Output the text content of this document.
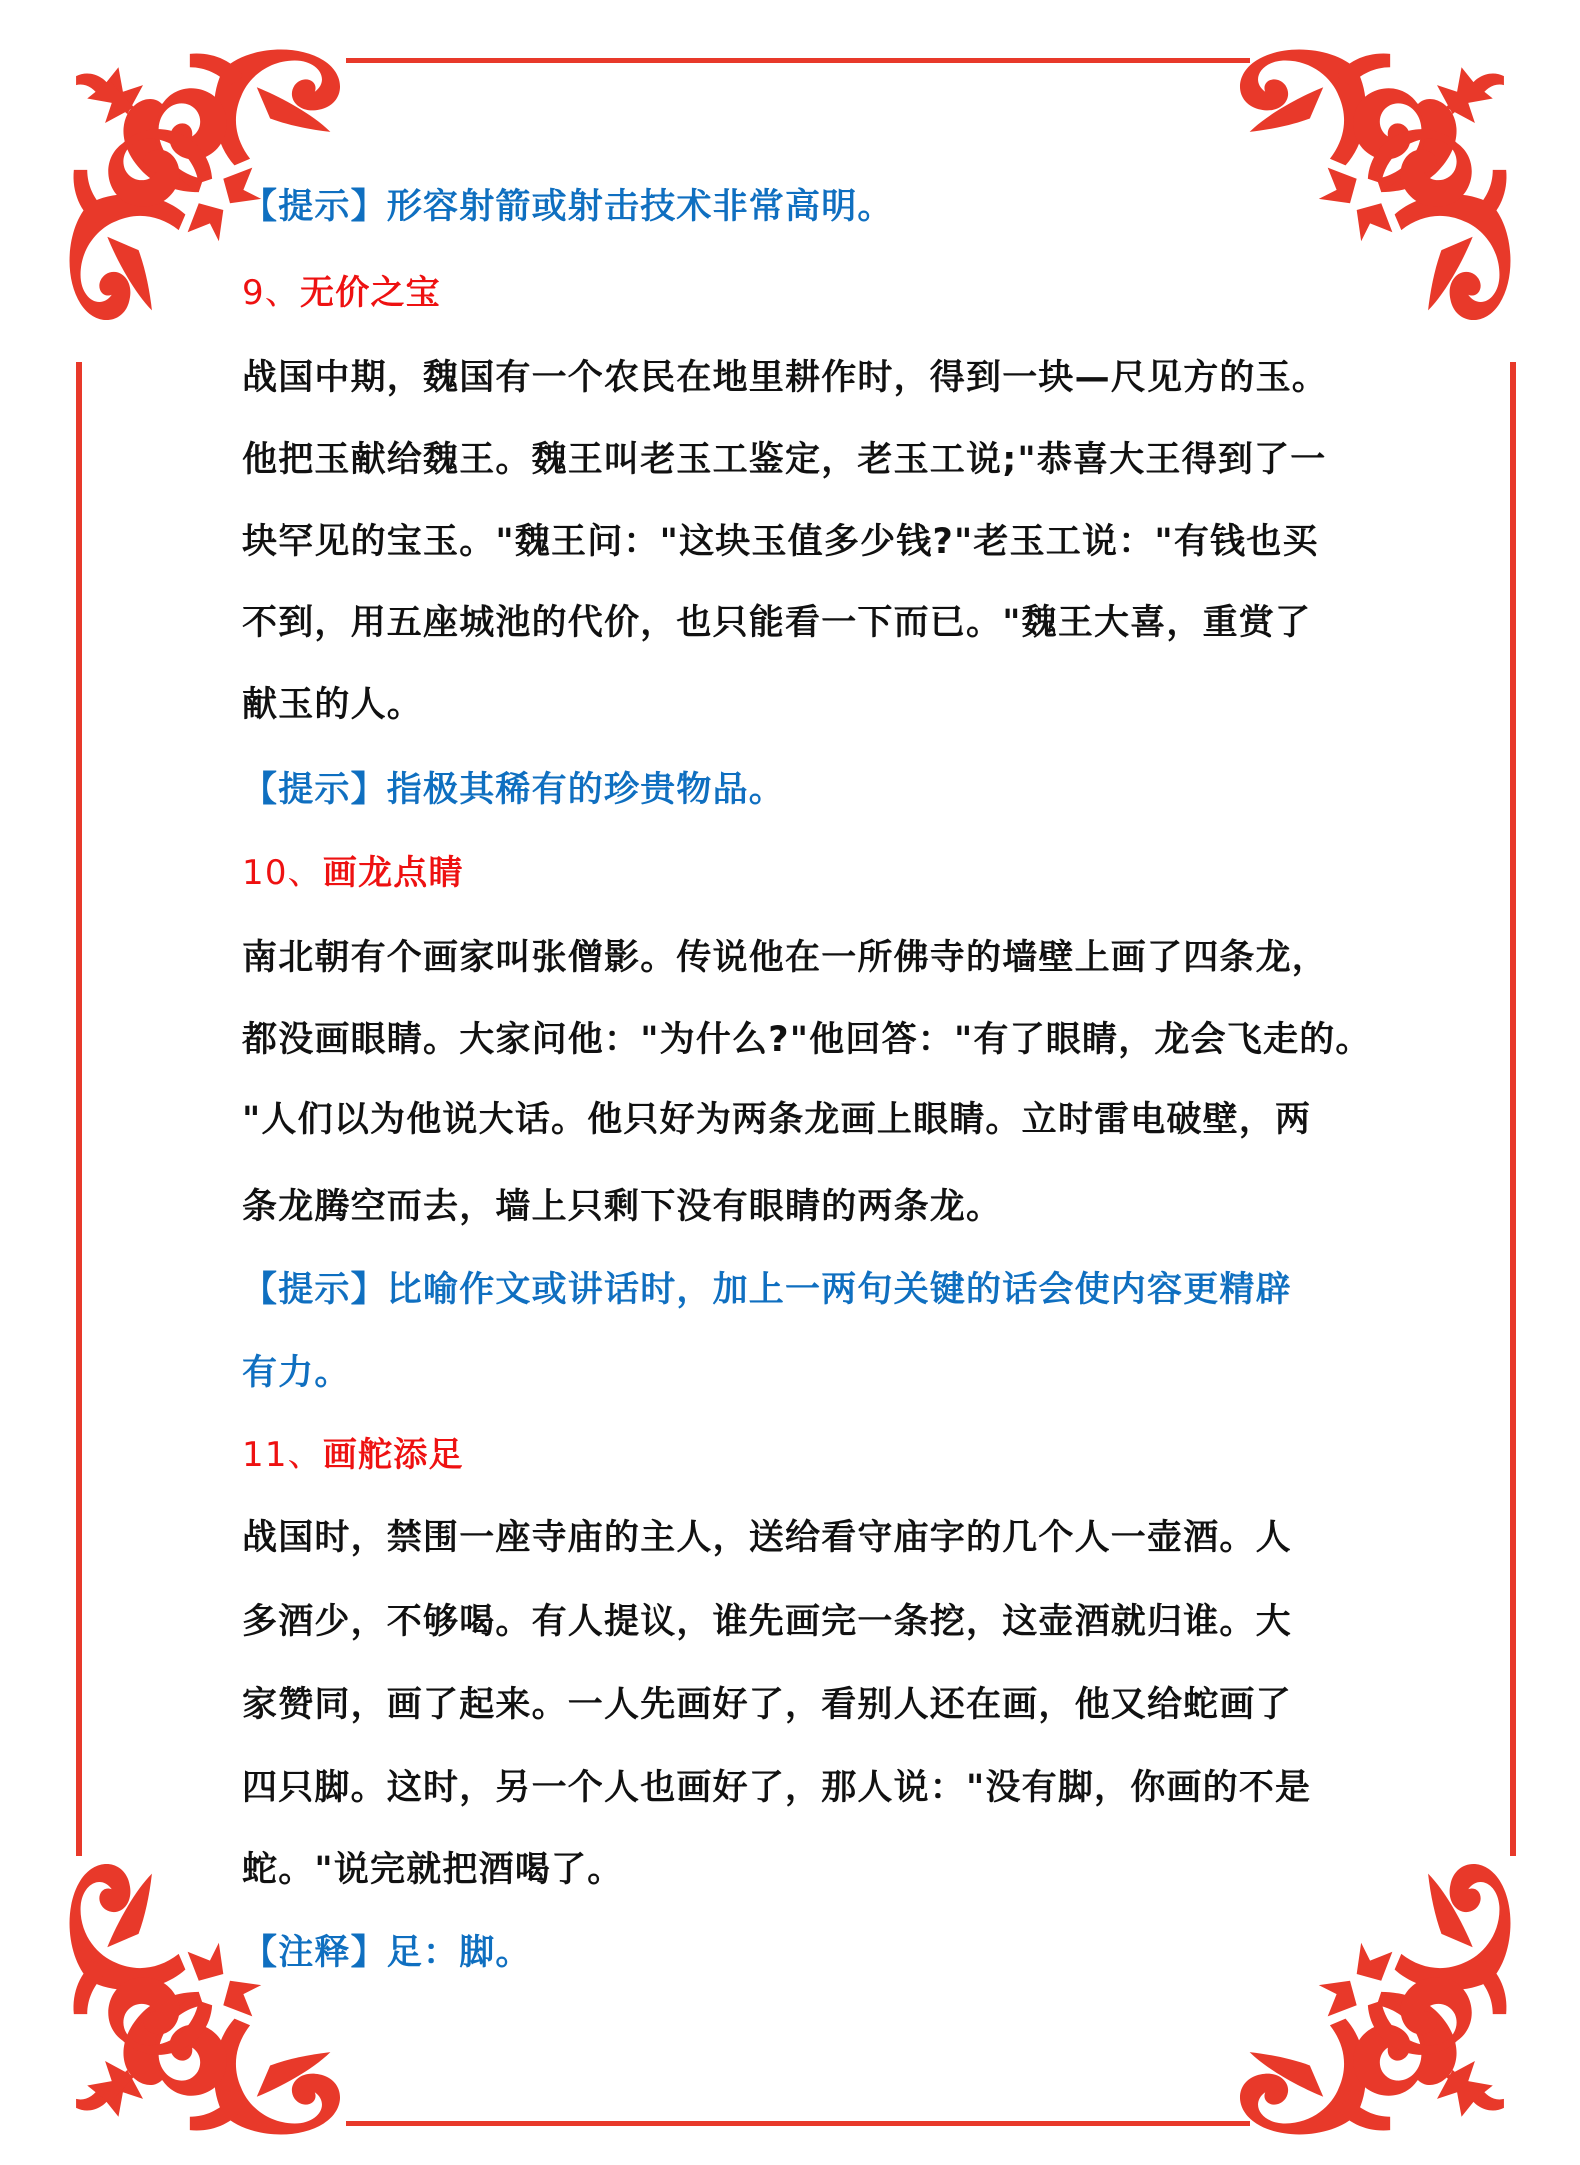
【提示】形容射箭或射击技术非常高明。
9、无价之宝
战国中期，魏国有一个农民在地里耕作时，得到一块—尺见方的玉。
他把玉献给魏王。魏王叫老玉工鉴定，老玉工说;"恭喜大王得到了一
块罕见的宝玉。"魏王问："这块玉值多少钱?"老玉工说："有钱也买
不到，用五座城池的代价，也只能看一下而已。"魏王大喜，重赏了
献玉的人。
【提示】指极其稀有的珍贵物品。
10、画龙点睛
南北朝有个画家叫张僧影。传说他在一所佛寺的墙壁上画了四条龙，
都没画眼睛。大家问他："为什么?"他回答："有了眼睛，龙会飞走的。
"人们以为他说大话。他只好为两条龙画上眼睛。立时雷电破壁，两
条龙腾空而去，墙上只剩下没有眼睛的两条龙。
【提示】比喻作文或讲话时，加上一两句关键的话会使内容更精辟
有力。
11、画舵添足
战国时，禁围一座寺庙的主人，送给看守庙字的几个人一壶酒。人
多酒少，不够喝。有人提议，谁先画完一条挖，这壶酒就归谁。大
家赞同，画了起来。一人先画好了，看别人还在画，他又给蛇画了
四只脚。这时，另一个人也画好了，那人说："没有脚，你画的不是
蛇。"说完就把酒喝了。
【注释】足：脚。
